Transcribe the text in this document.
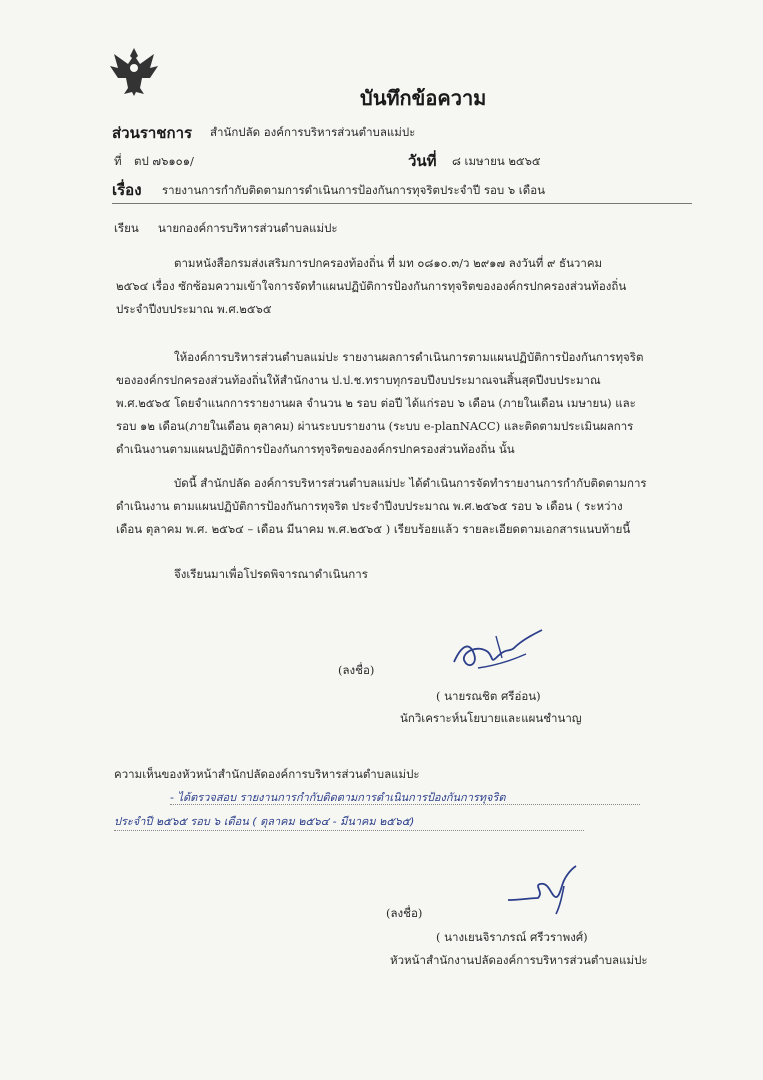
บันทึกข้อความ
ส่วนราชการ สำนักปลัด องค์การบริหารส่วนตำบลแม่ปะ
ที่ ตป ๗๖๑๐๑/	วันที่ ๘ เมษายน ๒๕๖๕
เรื่อง รายงานการกำกับติดตามการดำเนินการป้องกันการทุจริตประจำปี รอบ ๖ เดือน
เรียน นายกองค์การบริหารส่วนตำบลแม่ปะ
ตามหนังสือกรมส่งเสริมการปกครองท้องถิ่น ที่ มท ๐๘๑๐.๓/ว ๒๙๑๗ ลงวันที่ ๙ ธันวาคม
๒๕๖๔ เรื่อง ซักซ้อมความเข้าใจการจัดทำแผนปฏิบัติการป้องกันการทุจริตขององค์กรปกครองส่วนท้องถิ่น
ประจำปีงบประมาณ พ.ศ.๒๕๖๕
ให้องค์การบริหารส่วนตำบลแม่ปะ รายงานผลการดำเนินการตามแผนปฏิบัติการป้องกันการทุจริต
ขององค์กรปกครองส่วนท้องถิ่นให้สำนักงาน ป.ป.ช.ทราบทุกรอบปีงบประมาณจนสิ้นสุดปีงบประมาณ
พ.ศ.๒๕๖๕ โดยจำแนกการรายงานผล จำนวน ๒ รอบ ต่อปี ได้แก่รอบ ๖ เดือน (ภายในเดือน เมษายน) และ
รอบ ๑๒ เดือน(ภายในเดือน ตุลาคม) ผ่านระบบรายงาน (ระบบ e-planNACC) และติดตามประเมินผลการ
ดำเนินงานตามแผนปฏิบัติการป้องกันการทุจริตขององค์กรปกครองส่วนท้องถิ่น นั้น
บัดนี้ สำนักปลัด องค์การบริหารส่วนตำบลแม่ปะ ได้ดำเนินการจัดทำรายงานการกำกับติดตามการ
ดำเนินงาน ตามแผนปฏิบัติการป้องกันการทุจริต ประจำปีงบประมาณ พ.ศ.๒๕๖๕ รอบ ๖ เดือน ( ระหว่าง
เดือน ตุลาคม พ.ศ. ๒๕๖๔ – เดือน มีนาคม พ.ศ.๒๕๖๕ ) เรียบร้อยแล้ว รายละเอียดตามเอกสารแนบท้ายนี้
จึงเรียนมาเพื่อโปรดพิจารณาดำเนินการ
(ลงชื่อ)
( นายรณชิต ศรีอ่อน)
นักวิเคราะห์นโยบายและแผนชำนาญ
ความเห็นของหัวหน้าสำนักปลัดองค์การบริหารส่วนตำบลแม่ปะ
- ได้ตรวจสอบ รายงานการกำกับติดตามการดำเนินการป้องกันการทุจริต
ประจำปี ๒๕๖๕ รอบ ๖ เดือน ( ตุลาคม ๒๕๖๔ - มีนาคม ๒๕๖๕)
(ลงชื่อ)
( นางเยนจิราภรณ์ ศรีวราพงศ์)
หัวหน้าสำนักงานปลัดองค์การบริหารส่วนตำบลแม่ปะ
